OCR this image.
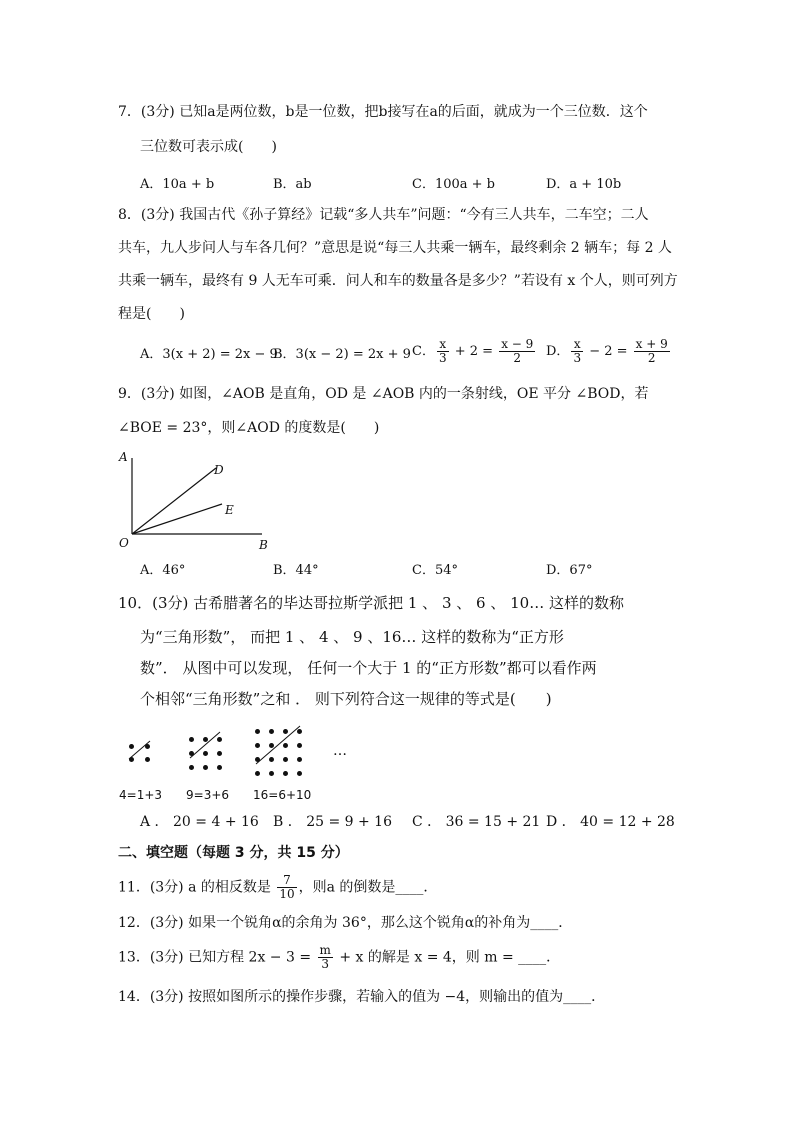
7．(3分) 已知a是两位数，b是一位数，把b接写在a的后面，就成为一个三位数．这个
三位数可表示成(　　)
A．10a + b	B．ab	C．100a + b	D．a + 10b
8．(3分) 我国古代《孙子算经》记载“多人共车”问题：“今有三人共车，二车空；二人
共车，九人步问人与车各几何？”意思是说“每三人共乘一辆车，最终剩余 2 辆车；每 2 人
共乘一辆车，最终有 9 人无车可乘．问人和车的数量各是多少？”若设有 x 个人，则可列方
程是(　　)
A．3(x + 2) = 2x − 9
B．3(x − 2) = 2x + 9 C． $\frac{x}{3} + 2 = \frac{x - 9}{2}$ D． $\frac{x}{3} - 2 = \frac{x + 9}{2}$
9．(3分) 如图，∠AOB 是直角，OD 是 ∠AOB 内的一条射线，OE 平分 ∠BOD，若
∠BOE = 23°，则∠AOD 的度数是(　　)
A
D
E
O	B
A．46°	B．44°	C．54°	D．67°
10．(3分) 古希腊著名的毕达哥拉斯学派把 1 、 3 、 6 、 10… 这样的数称
为“三角形数”， 而把 1 、 4 、 9 、16… 这样的数称为“正方形
数”． 从图中可以发现， 任何一个大于 1 的“正方形数”都可以看作两
个相邻“三角形数”之和 ． 则下列符合这一规律的等式是(　　)
…
4=1+3 9=3+6 16=6+10
A ． 20 = 4 + 16 B ． 25 = 9 + 16 C ． 36 = 15 + 21 D ． 40 = 12 + 28
二、填空题（每题 3 分，共 15 分）
11．(3分) a 的相反数是 $\frac{7}{10}$ ，则a 的倒数是____．
12．(3分) 如果一个锐角α的余角为 36°，那么这个锐角α的补角为____．
13．(3分) 已知方程 $2x - 3 = \frac{m}{3} + x$ 的解是 x = 4，则 m = ____．
14．(3分) 按照如图所示的操作步骤，若输入的值为 −4，则输出的值为____．
